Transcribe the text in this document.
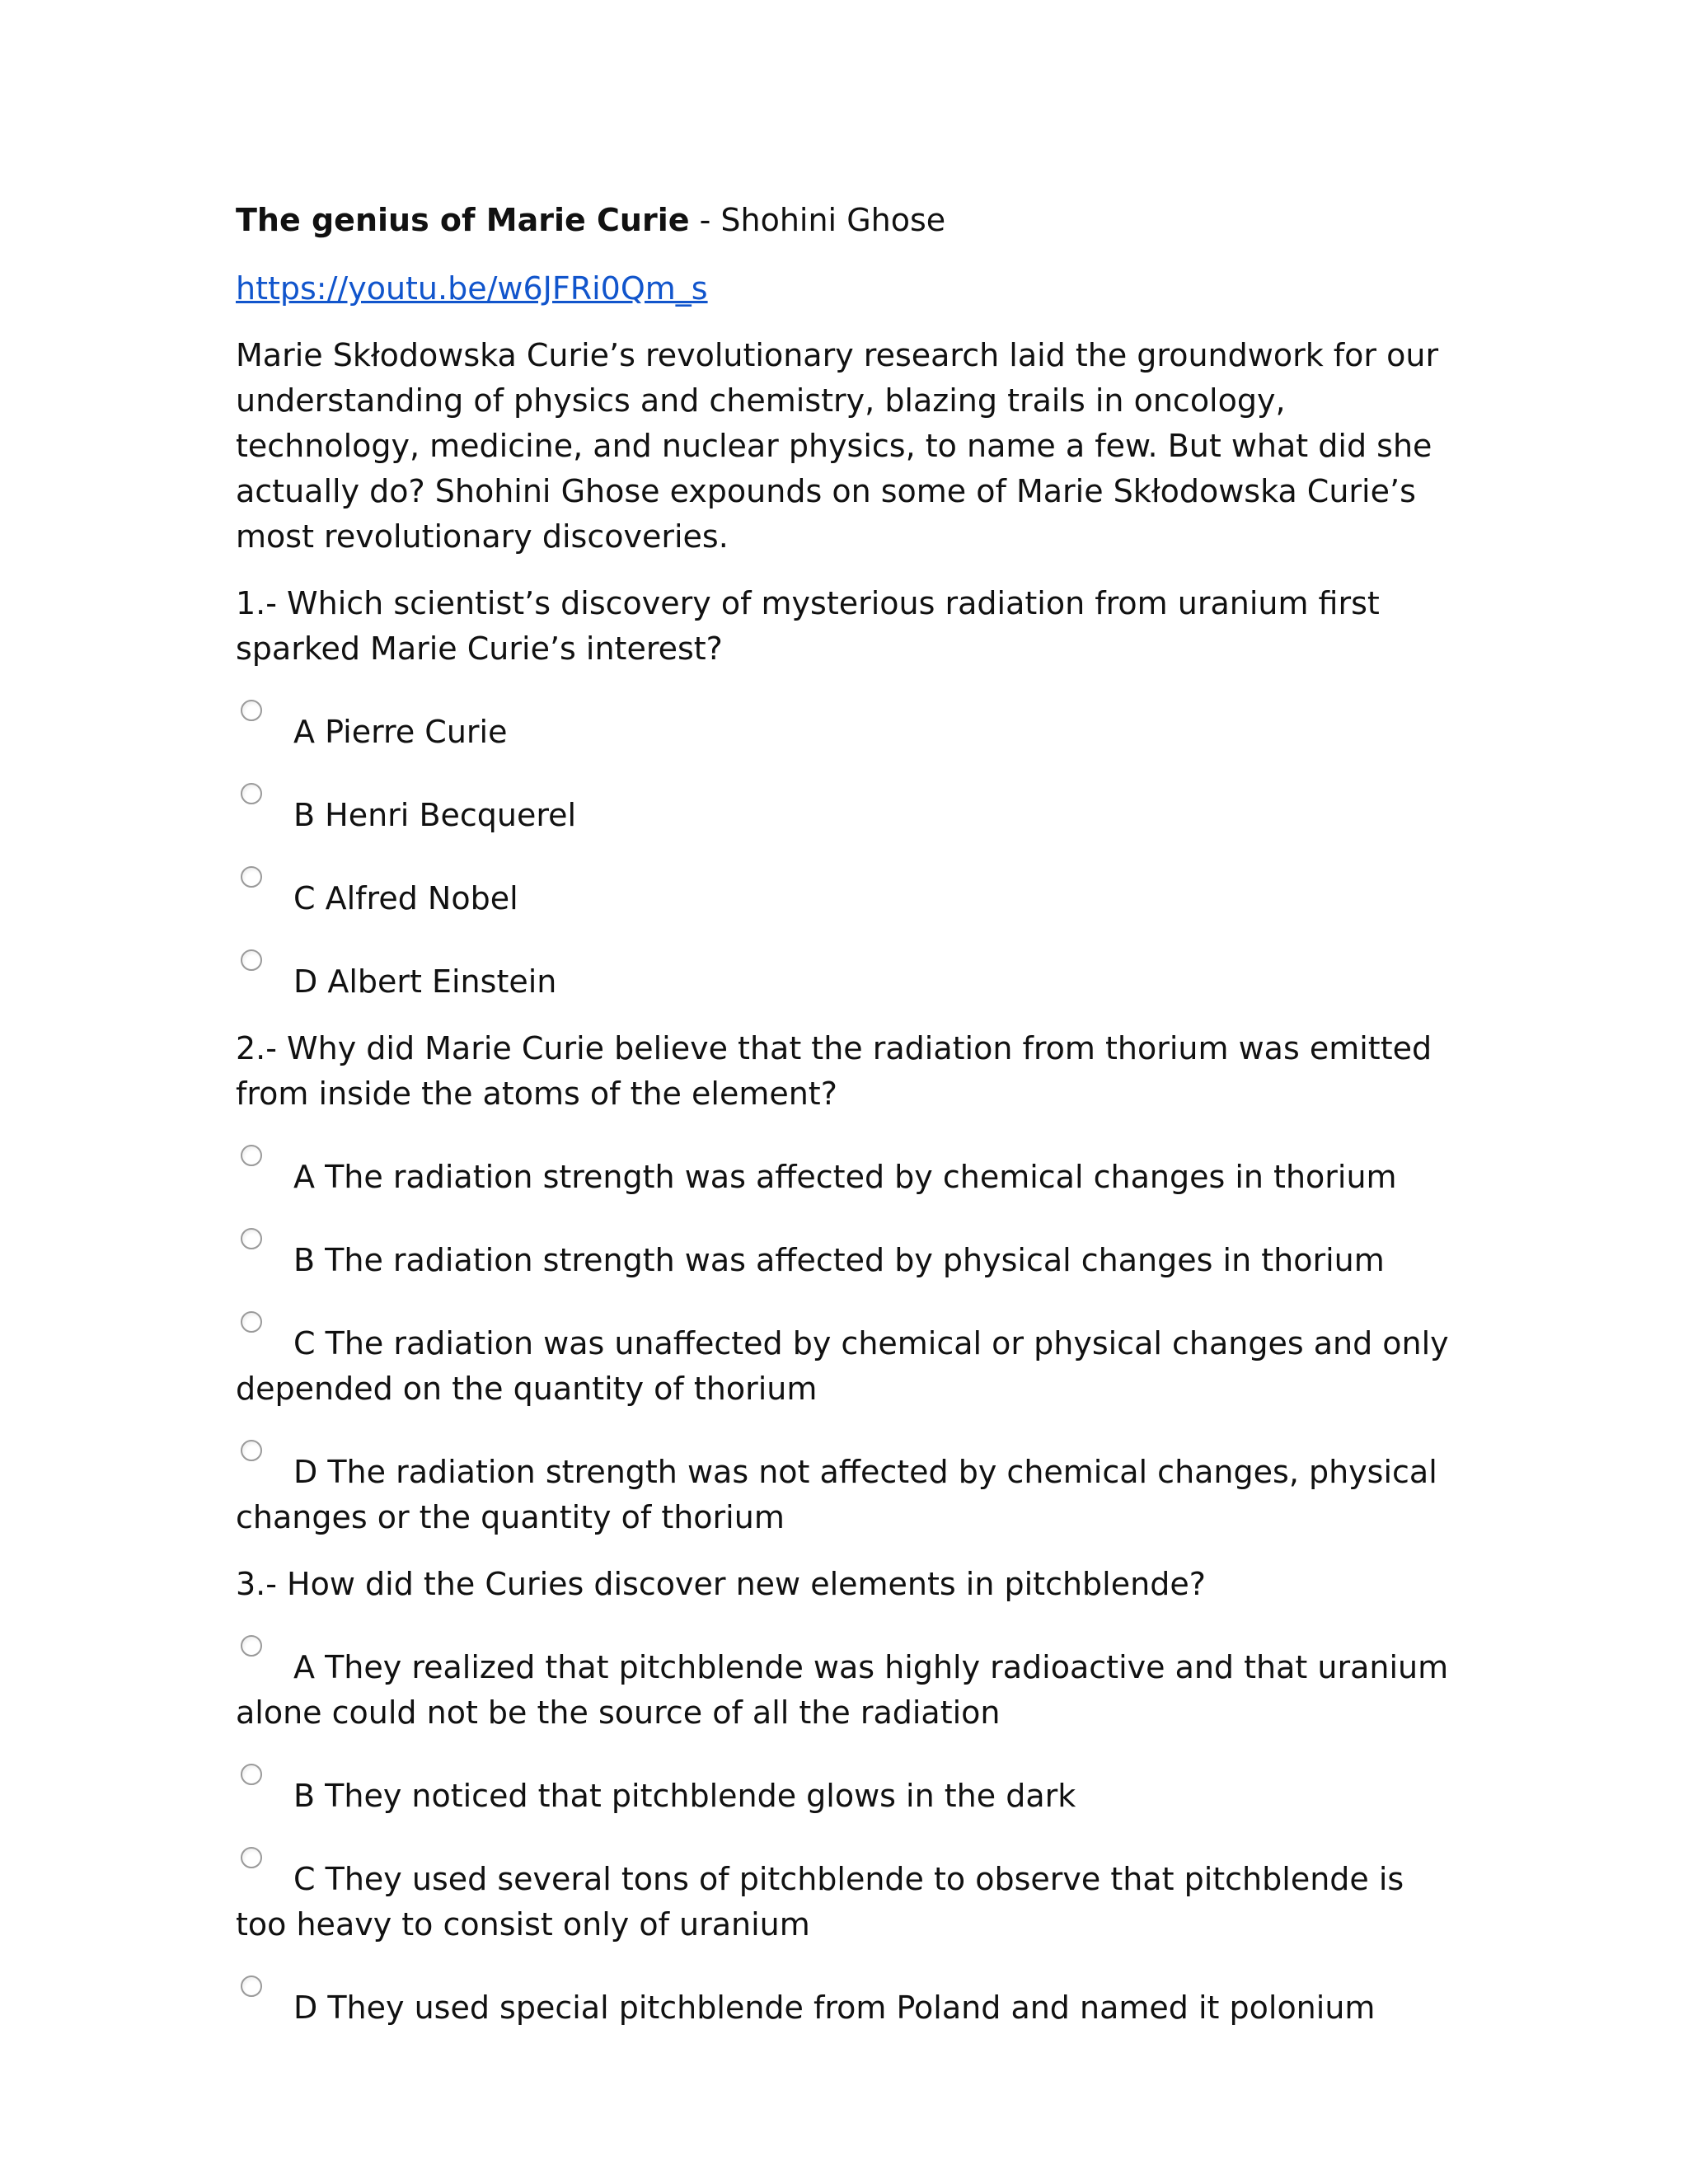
The genius of Marie Curie - Shohini Ghose

https://youtu.be/w6JFRi0Qm_s

Marie Skłodowska Curie’s revolutionary research laid the groundwork for our understanding of physics and chemistry, blazing trails in oncology, technology, medicine, and nuclear physics, to name a few. But what did she actually do? Shohini Ghose expounds on some of Marie Skłodowska Curie’s most revolutionary discoveries.

1.- Which scientist’s discovery of mysterious radiation from uranium first sparked Marie Curie’s interest?

A Pierre Curie

B Henri Becquerel

C Alfred Nobel

D Albert Einstein

2.- Why did Marie Curie believe that the radiation from thorium was emitted from inside the atoms of the element?

A The radiation strength was affected by chemical changes in thorium

B The radiation strength was affected by physical changes in thorium

C The radiation was unaffected by chemical or physical changes and only depended on the quantity of thorium

D The radiation strength was not affected by chemical changes, physical changes or the quantity of thorium

3.- How did the Curies discover new elements in pitchblende?

A They realized that pitchblende was highly radioactive and that uranium alone could not be the source of all the radiation

B They noticed that pitchblende glows in the dark

C They used several tons of pitchblende to observe that pitchblende is too heavy to consist only of uranium

D They used special pitchblende from Poland and named it polonium
